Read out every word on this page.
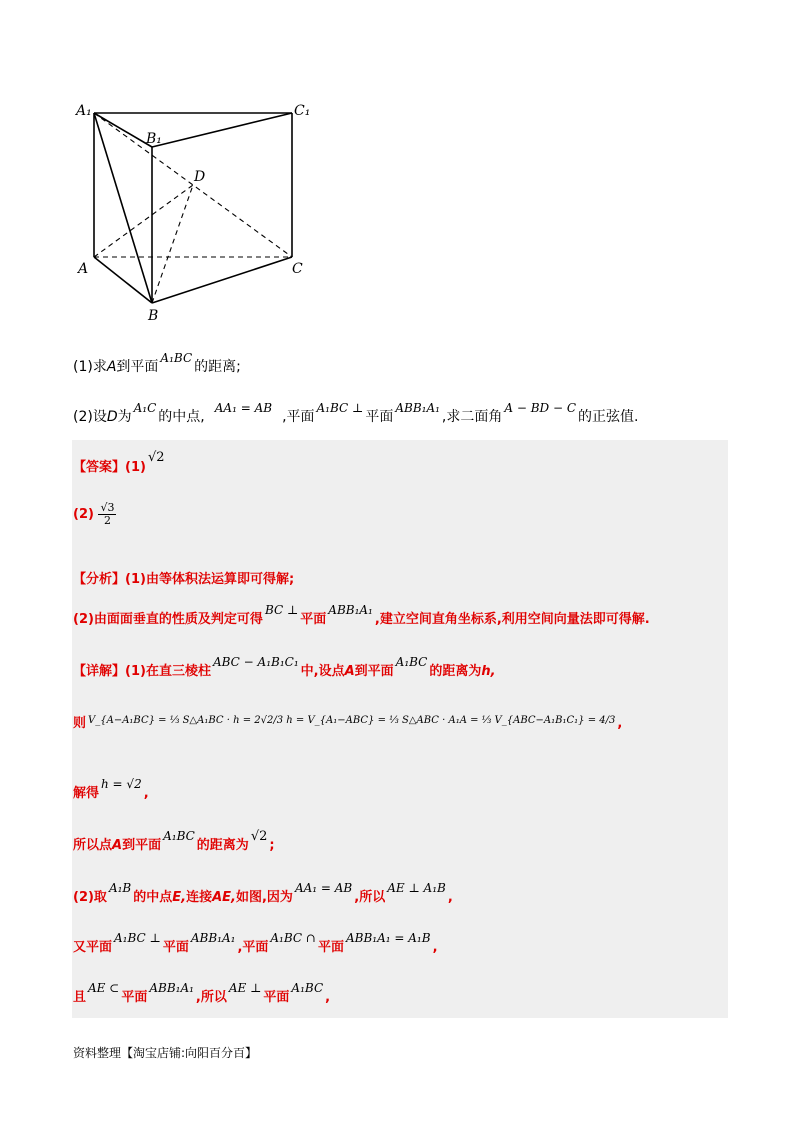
A₁
B₁
C₁
D
A
B
C
(1)求A到平面A₁BC的距离;
(2)设D为A₁C的中点,AA₁ = AB,平面A₁BC ⊥平面ABB₁A₁,求二面角A − BD − C的正弦值.
【答案】(1)√2
$(2) \frac{√3}{2}$
【分析】(1)由等体积法运算即可得解;
(2)由面面垂直的性质及判定可得BC ⊥平面ABB₁A₁,建立空间直角坐标系,利用空间向量法即可得解.
【详解】(1)在直三棱柱ABC − A₁B₁C₁中,设点A到平面A₁BC的距离为h,
则 $^{V\_\{A-A_1BC\} = \frac{1}{3} S\triangle A_1BC \cdot h = 2√2/3 h = V\_\{A_1-ABC\} = \frac{1}{3} S\triangle ABC \cdot A_1A = \frac{1}{3} V\_\{ABC-A_1B_1C_1\} = 4/3}$ ,
解得h = √2,
所以点A到平面A₁BC的距离为√2;
(2)取A₁B的中点E,连接AE,如图,因为AA₁ = AB,所以AE ⊥ A₁B,
又平面A₁BC ⊥平面ABB₁A₁,平面A₁BC ∩平面ABB₁A₁ = A₁B,
且AE ⊂平面ABB₁A₁,所以AE ⊥平面A₁BC,
资料整理【淘宝店铺:向阳百分百】
